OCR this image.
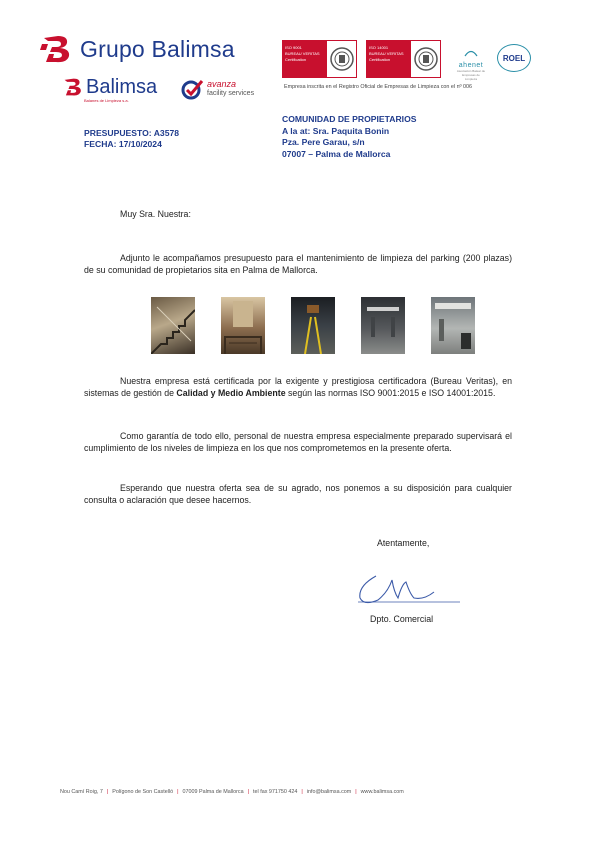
Grupo Balimsa
Balimsa
Balanes de Limpieza s.a.
avanza
facility services
ISO 9001
BUREAU VERITAS
Certification
ISO 14001
BUREAU VERITAS
Certification
ahenet
Asociación Balear de Empresas de Limpieza
ROEL
Empresa inscrita en el Registro Oficial de Empresas de Limpieza con el nº 006
PRESUPUESTO: A3578
FECHA: 17/10/2024
COMUNIDAD DE PROPIETARIOS
A la at: Sra. Paquita Bonin
Pza. Pere Garau, s/n
07007 – Palma de Mallorca
Muy Sra. Nuestra:
Adjunto le acompañamos presupuesto para el mantenimiento de limpieza del parking (200 plazas) de su comunidad de propietarios sita en Palma de Mallorca.
Nuestra empresa está certificada por la exigente y prestigiosa certificadora (Bureau Veritas), en sistemas de gestión de Calidad y Medio Ambiente según las normas ISO 9001:2015 e ISO 14001:2015.
Como garantía de todo ello, personal de nuestra empresa especialmente preparado supervisará el cumplimiento de los niveles de limpieza en los que nos comprometemos en la presente oferta.
Esperando que nuestra oferta sea de su agrado, nos ponemos a su disposición para cualquier consulta o aclaración que desee hacernos.
Atentamente,
Dpto. Comercial
Nou Camí Roig, 7 | Polígono de Son Castelló | 07009 Palma de Mallorca | tel fax 971750 424 | info@balimsa.com | www.balimsa.com
